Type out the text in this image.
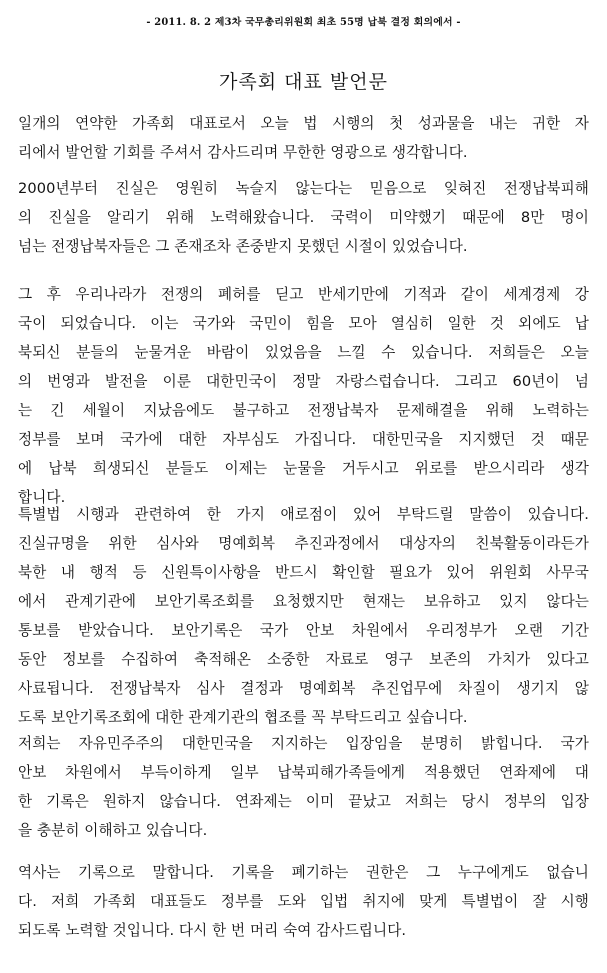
- 2011. 8. 2 제3차 국무총리위원회 최초 55명 납북 결정 회의에서 -
가족회 대표 발언문

일개의 연약한 가족회 대표로서 오늘 법 시행의 첫 성과물을 내는 귀한 자
리에서 발언할 기회를 주셔서 감사드리며 무한한 영광으로 생각합니다.

2000년부터 진실은 영원히 녹슬지 않는다는 믿음으로 잊혀진 전쟁납북피해
의 진실을 알리기 위해 노력해왔습니다. 국력이 미약했기 때문에 8만 명이
넘는 전쟁납북자들은 그 존재조차 존중받지 못했던 시절이 있었습니다.

그 후 우리나라가 전쟁의 폐허를 딛고 반세기만에 기적과 같이 세계경제 강
국이 되었습니다. 이는 국가와 국민이 힘을 모아 열심히 일한 것 외에도 납
북되신 분들의 눈물겨운 바람이 있었음을 느낄 수 있습니다. 저희들은 오늘
의 번영과 발전을 이룬 대한민국이 정말 자랑스럽습니다. 그리고 60년이 넘
는 긴 세월이 지났음에도 불구하고 전쟁납북자 문제해결을 위해 노력하는
정부를 보며 국가에 대한 자부심도 가집니다. 대한민국을 지지했던 것 때문
에 납북 희생되신 분들도 이제는 눈물을 거두시고 위로를 받으시리라 생각
합니다.

특별법 시행과 관련하여 한 가지 애로점이 있어 부탁드릴 말씀이 있습니다.
진실규명을 위한 심사와 명예회복 추진과정에서 대상자의 친북활동이라든가
북한 내 행적 등 신원특이사항을 반드시 확인할 필요가 있어 위원회 사무국
에서 관계기관에 보안기록조회를 요청했지만 현재는 보유하고 있지 않다는
통보를 받았습니다. 보안기록은 국가 안보 차원에서 우리정부가 오랜 기간
동안 정보를 수집하여 축적해온 소중한 자료로 영구 보존의 가치가 있다고
사료됩니다. 전쟁납북자 심사 결정과 명예회복 추진업무에 차질이 생기지 않
도록 보안기록조회에 대한 관계기관의 협조를 꼭 부탁드리고 싶습니다.

저희는 자유민주주의 대한민국을 지지하는 입장임을 분명히 밝힙니다. 국가
안보 차원에서 부득이하게 일부 납북피해가족들에게 적용했던 연좌제에 대
한 기록은 원하지 않습니다. 연좌제는 이미 끝났고 저희는 당시 정부의 입장
을 충분히 이해하고 있습니다.

역사는 기록으로 말합니다. 기록을 폐기하는 권한은 그 누구에게도 없습니
다. 저희 가족회 대표들도 정부를 도와 입법 취지에 맞게 특별법이 잘 시행
되도록 노력할 것입니다. 다시 한 번 머리 숙여 감사드립니다.
